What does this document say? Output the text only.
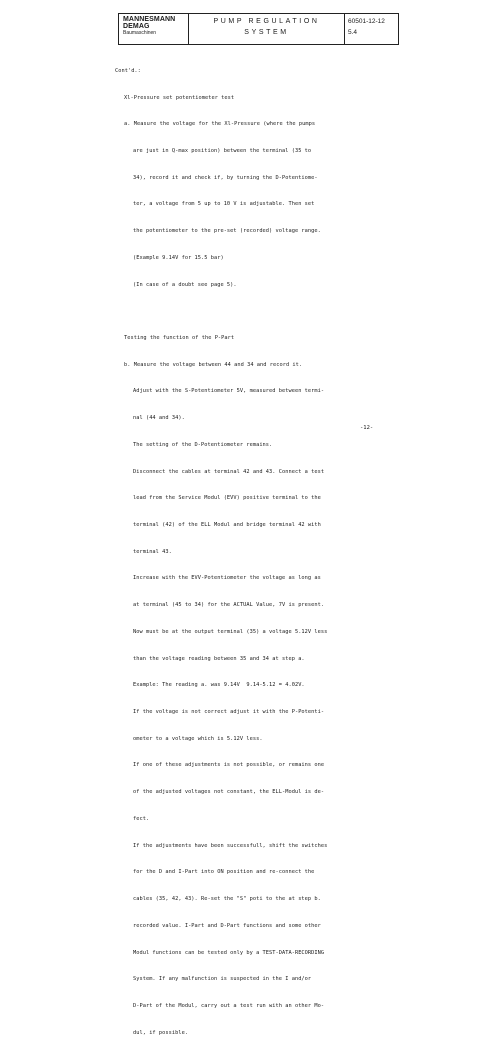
MANNESMANN
DEMAG
Baumaschinen
PUMP REGULATION
SYSTEM
60501-12-12
5.4

Cont'd.:

Xl-Pressure set potentiometer test

a. Measure the voltage for the Xl-Pressure (where the pumps

are just in Q-max position) between the terminal (35 to

34), record it and check if, by turning the D-Potentiome-

ter, a voltage from 5 up to 10 V is adjustable. Then set

the potentiometer to the pre-set (recorded) voltage range.

(Example 9.14V for 15.5 bar)

(In case of a doubt see page 5).

Testing the function of the P-Part

b. Measure the voltage between 44 and 34 and record it.

Adjust with the S-Potentiometer 5V, measured between termi-

nal (44 and 34).

The setting of the D-Potentiometer remains.

Disconnect the cables at terminal 42 and 43. Connect a test

lead from the Service Modul (EVV) positive terminal to the

terminal (42) of the ELL Modul and bridge terminal 42 with

terminal 43.

Increase with the EVV-Potentiometer the voltage as long as

at terminal (45 to 34) for the ACTUAL Value, 7V is present.

Now must be at the output terminal (35) a voltage 5.12V less

than the voltage reading between 35 and 34 at step a.

Example: The reading a. was 9.14V  9.14-5.12 = 4.02V.

If the voltage is not correct adjust it with the P-Potenti-

ometer to a voltage which is 5.12V less.

If one of these adjustments is not possible, or remains one

of the adjusted voltages not constant, the ELL-Modul is de-

fect.

If the adjustments have been successfull, shift the switches

for the D and I-Part into ON position and re-connect the

cables (35, 42, 43). Re-set the "S" poti to the at step b.

recorded value. I-Part and D-Part functions and some other

Modul functions can be tested only by a TEST-DATA-RECORDING

System. If any malfunction is suspected in the I and/or

D-Part of the Modul, carry out a test run with an other Mo-

dul, if possible.

-12-
